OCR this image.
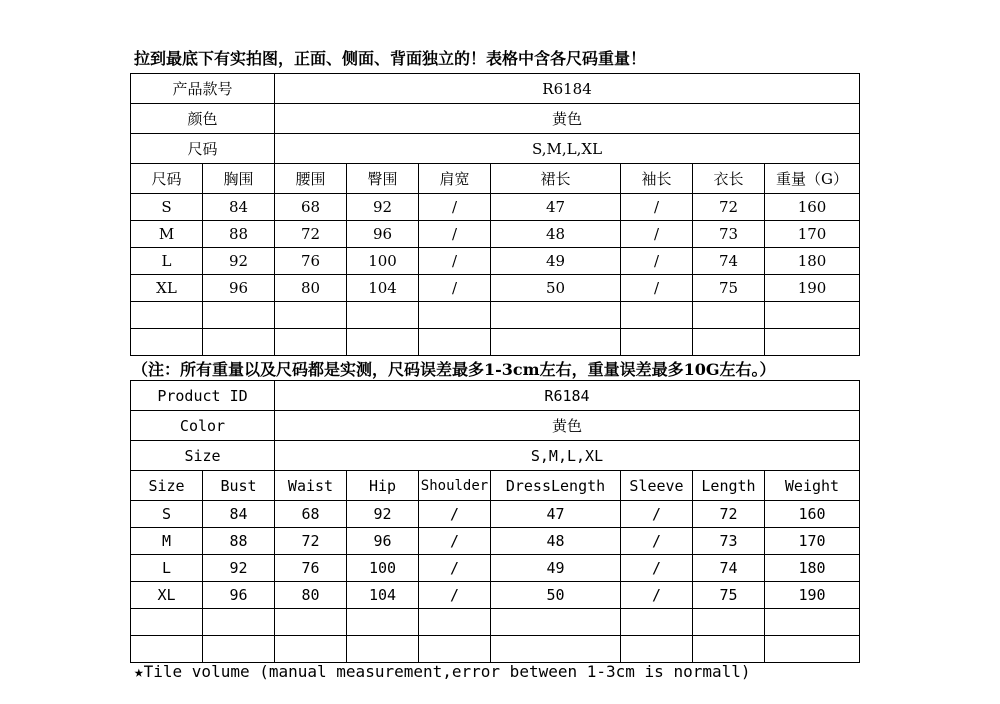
拉到最底下有实拍图，正面、侧面、背面独立的！表格中含各尺码重量！
产品款号		R6184						
颜色		黄色						
尺码		S,M,L,XL						
尺码	胸围	腰围	臀围	肩宽	裙长	袖长	衣长	重量（G）
S	84	68	92	/	47	/	72	160
M	88	72	96	/	48	/	73	170
L	92	76	100	/	49	/	74	180
XL	96	80	104	/	50	/	75	190

（注：所有重量以及尺码都是实测，尺码误差最多1-3cm左右，重量误差最多10G左右。）
Product ID		R6184						
Color		黄色						
Size		S,M,L,XL						
Size	Bust	Waist	Hip	Shoulder	DressLength	Sleeve	Length	Weight
S	84	68	92	/	47	/	72	160
M	88	72	96	/	48	/	73	170
L	92	76	100	/	49	/	74	180
XL	96	80	104	/	50	/	75	190

★Tile volume (manual measurement,error between 1-3cm is normall)
